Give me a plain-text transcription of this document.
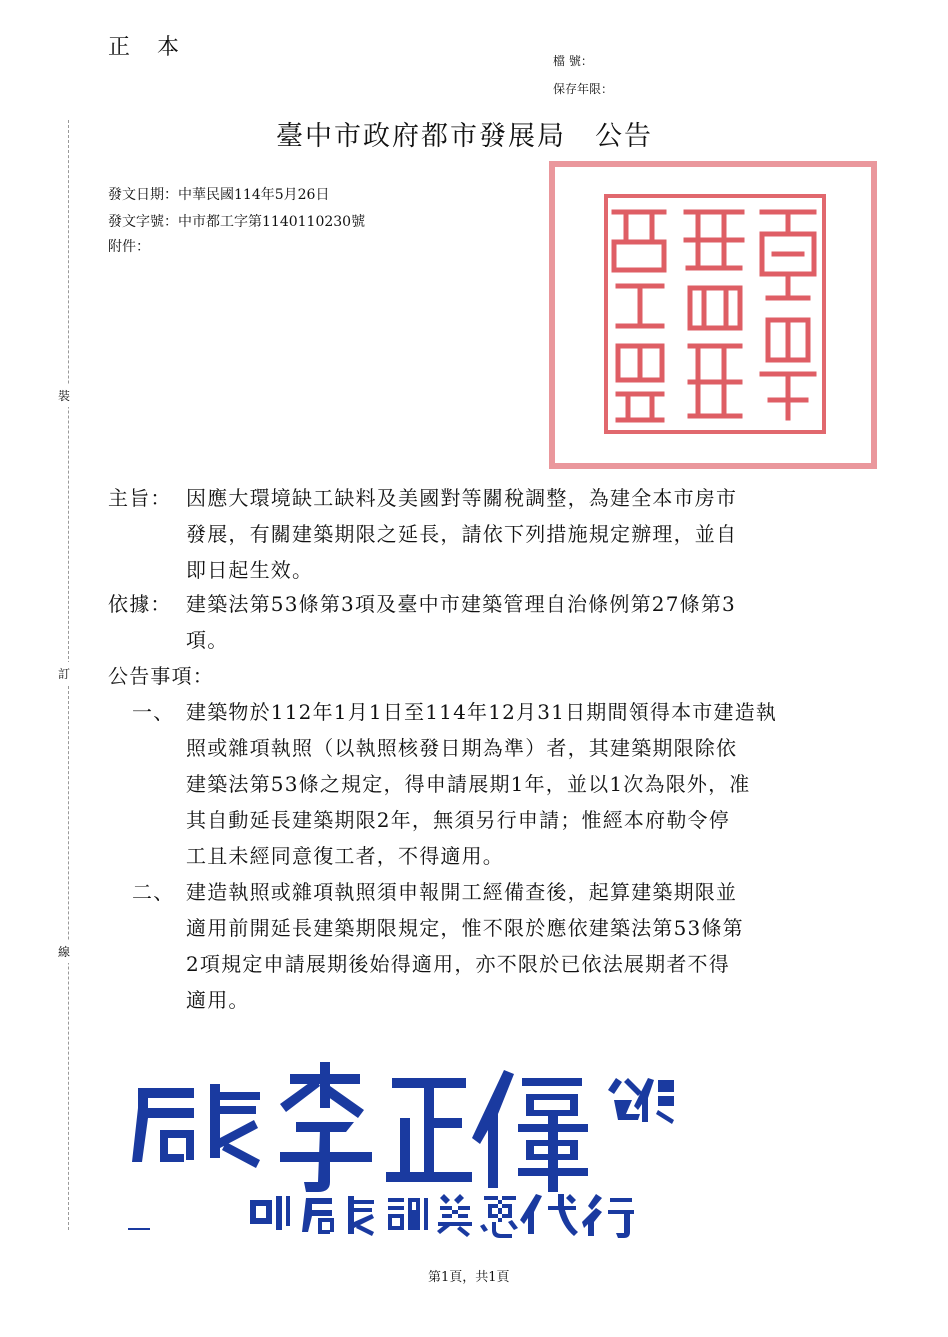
正 本
檔 號：
保存年限：
臺中市政府都市發展局　公告
發文日期：中華民國114年5月26日
發文字號：中市都工字第1140110230號
附件：
裝
訂
線
主旨： 因應大環境缺工缺料及美國對等關稅調整，為建全本市房市
發展，有關建築期限之延長，請依下列措施規定辦理，並自
即日起生效。
依據： 建築法第53條第3項及臺中市建築管理自治條例第27條第3
項。
公告事項：
一、 建築物於112年1月1日至114年12月31日期間領得本市建造執
照或雜項執照（以執照核發日期為準）者，其建築期限除依
建築法第53條之規定，得申請展期1年，並以1次為限外，准
其自動延長建築期限2年，無須另行申請；惟經本府勒令停
工且未經同意復工者，不得適用。
二、 建造執照或雜項執照須申報開工經備查後，起算建築期限並
適用前開延長建築期限規定，惟不限於應依建築法第53條第
2項規定申請展期後始得適用，亦不限於已依法展期者不得
適用。
第1頁，共1頁
